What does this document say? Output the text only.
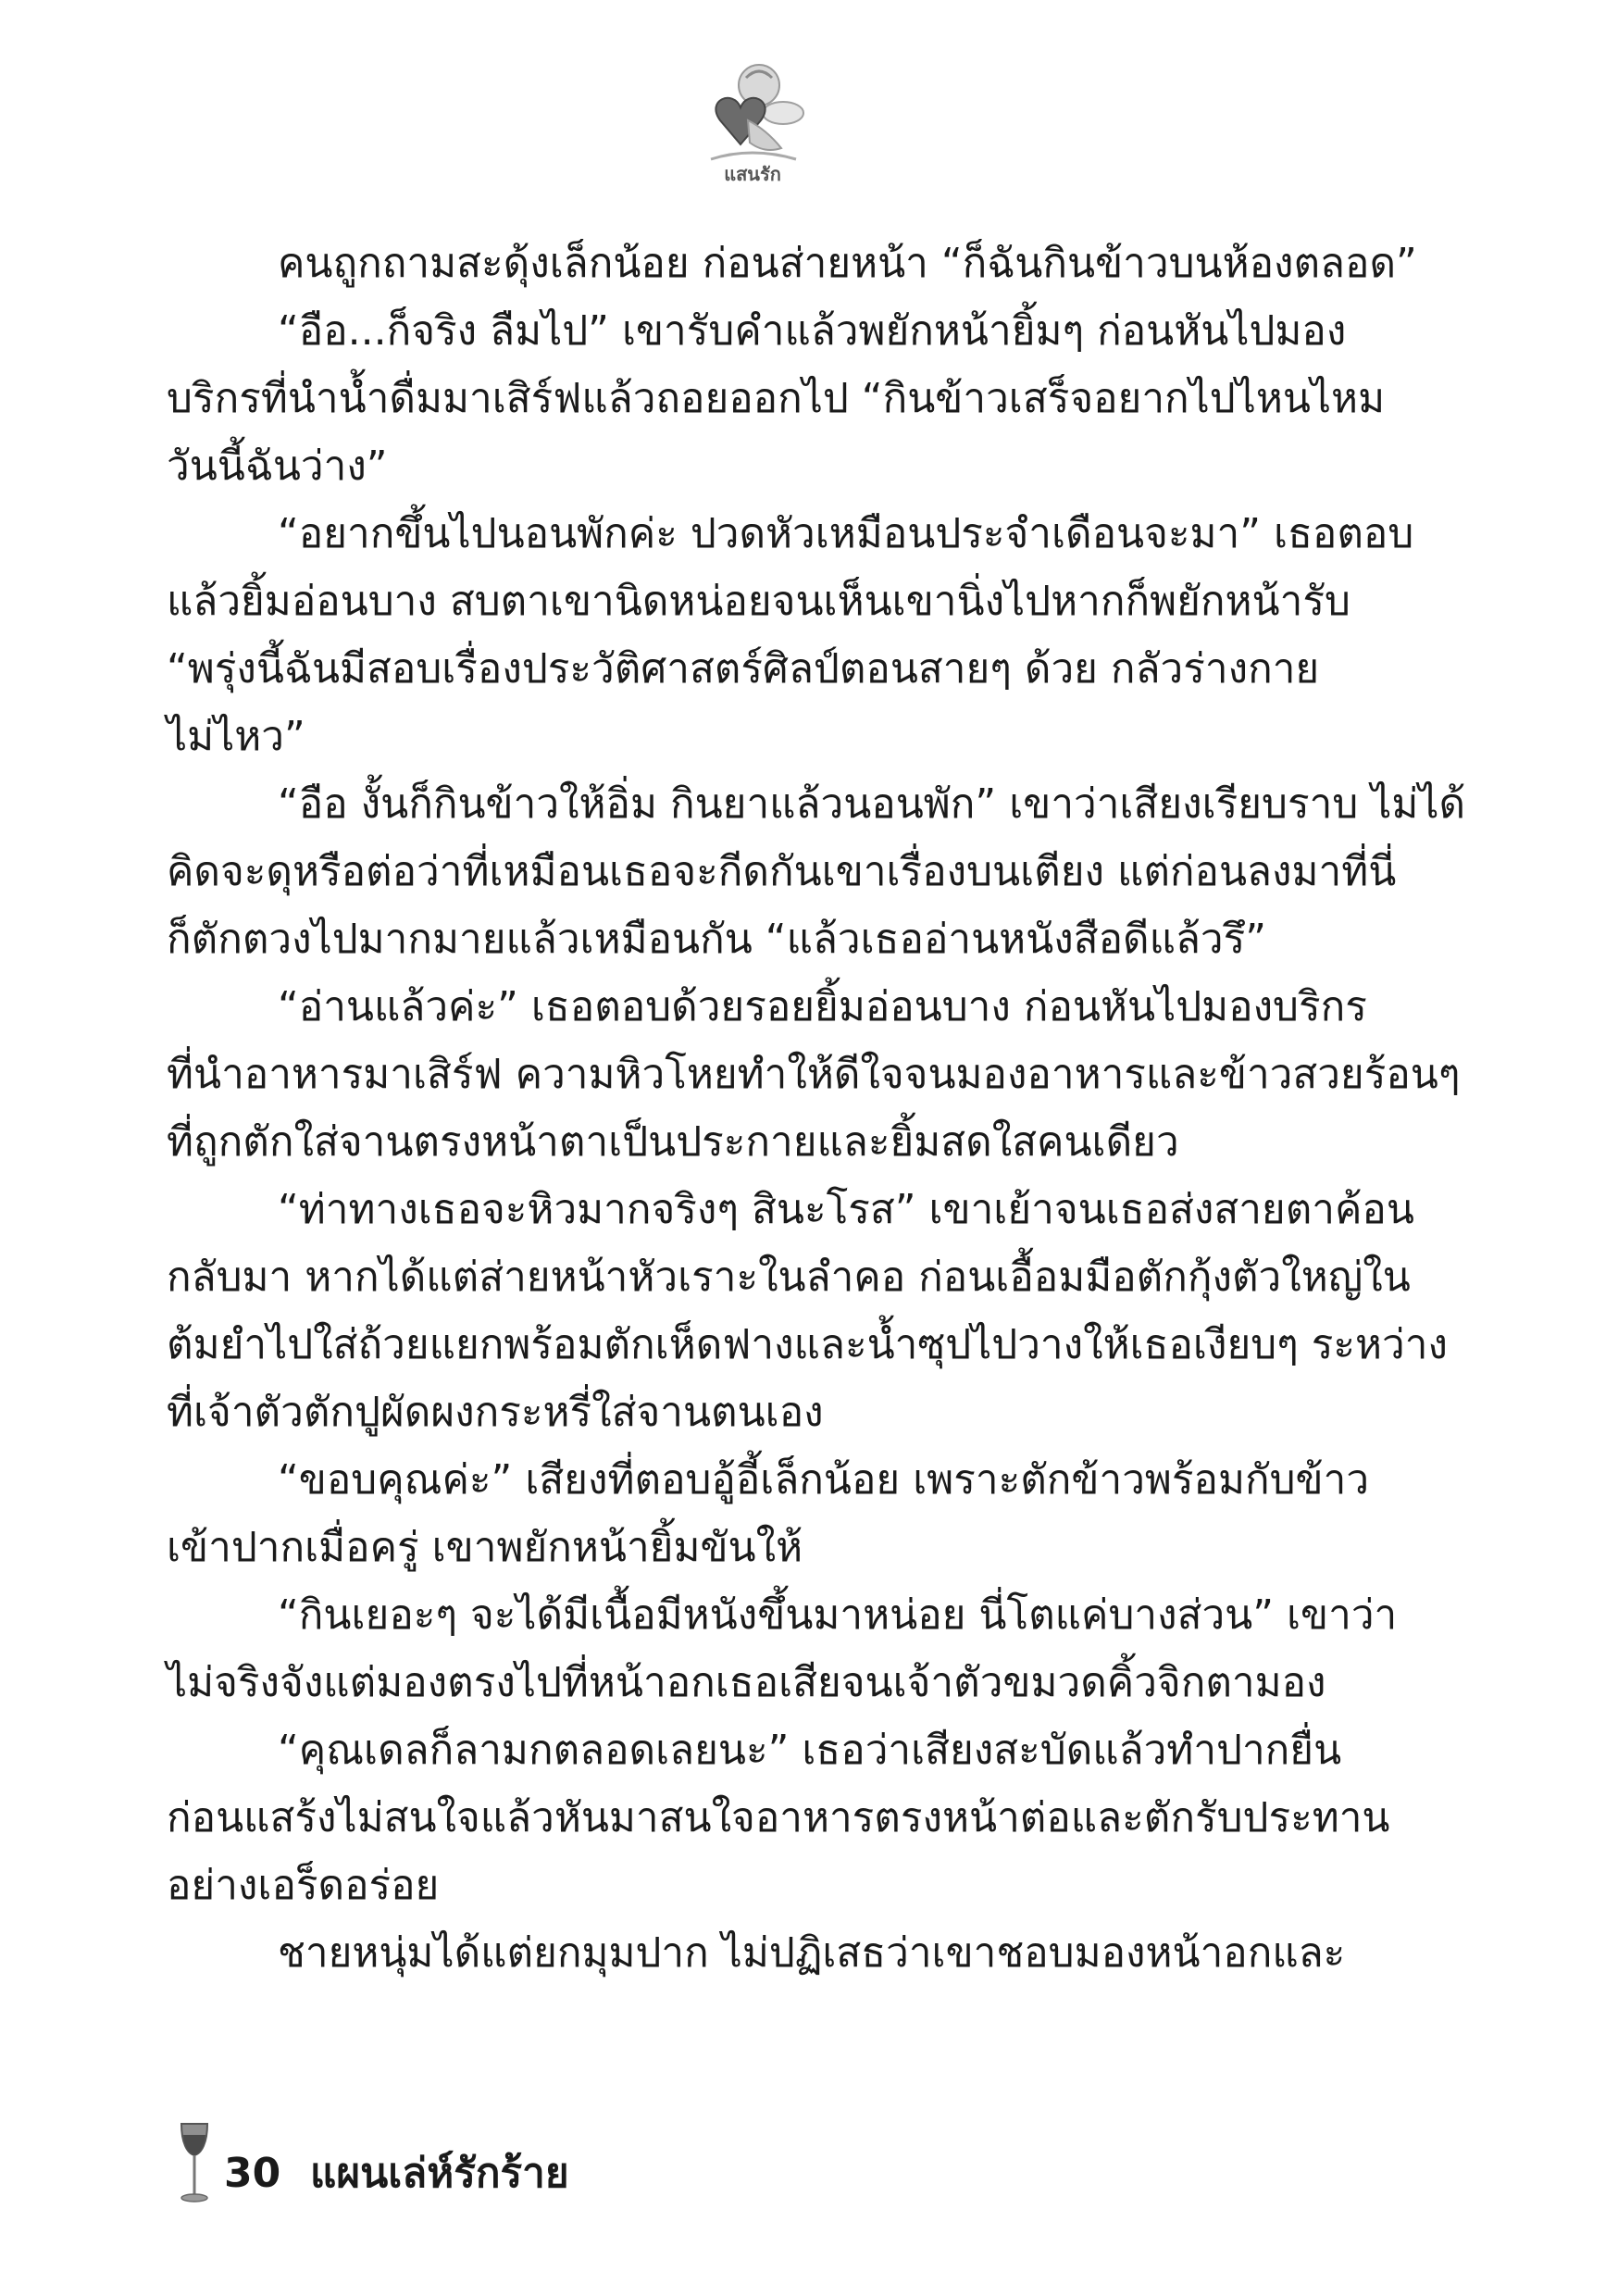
แสนรัก
คนถูกถามสะดุ้งเล็กน้อย ก่อนส่ายหน้า “ก็ฉันกินข้าวบนห้องตลอด”
“อือ...ก็จริง ลืมไป” เขารับคำแล้วพยักหน้ายิ้มๆ ก่อนหันไปมอง
บริกรที่นำน้ำดื่มมาเสิร์ฟแล้วถอยออกไป “กินข้าวเสร็จอยากไปไหนไหม
วันนี้ฉันว่าง”
“อยากขึ้นไปนอนพักค่ะ ปวดหัวเหมือนประจำเดือนจะมา” เธอตอบ
แล้วยิ้มอ่อนบาง สบตาเขานิดหน่อยจนเห็นเขานิ่งไปหากก็พยักหน้ารับ
“พรุ่งนี้ฉันมีสอบเรื่องประวัติศาสตร์ศิลป์ตอนสายๆ ด้วย กลัวร่างกาย
ไม่ไหว”
“อือ งั้นก็กินข้าวให้อิ่ม กินยาแล้วนอนพัก” เขาว่าเสียงเรียบราบ ไม่ได้
คิดจะดุหรือต่อว่าที่เหมือนเธอจะกีดกันเขาเรื่องบนเตียง แต่ก่อนลงมาที่นี่
ก็ตักตวงไปมากมายแล้วเหมือนกัน “แล้วเธออ่านหนังสือดีแล้วรึ”
“อ่านแล้วค่ะ” เธอตอบด้วยรอยยิ้มอ่อนบาง ก่อนหันไปมองบริกร
ที่นำอาหารมาเสิร์ฟ ความหิวโหยทำให้ดีใจจนมองอาหารและข้าวสวยร้อนๆ
ที่ถูกตักใส่จานตรงหน้าตาเป็นประกายและยิ้มสดใสคนเดียว
“ท่าทางเธอจะหิวมากจริงๆ สินะโรส” เขาเย้าจนเธอส่งสายตาค้อน
กลับมา หากได้แต่ส่ายหน้าหัวเราะในลำคอ ก่อนเอื้อมมือตักกุ้งตัวใหญ่ใน
ต้มยำไปใส่ถ้วยแยกพร้อมตักเห็ดฟางและน้ำซุปไปวางให้เธอเงียบๆ ระหว่าง
ที่เจ้าตัวตักปูผัดผงกระหรี่ใส่จานตนเอง
“ขอบคุณค่ะ” เสียงที่ตอบอู้อี้เล็กน้อย เพราะตักข้าวพร้อมกับข้าว
เข้าปากเมื่อครู่ เขาพยักหน้ายิ้มขันให้
“กินเยอะๆ จะได้มีเนื้อมีหนังขึ้นมาหน่อย นี่โตแค่บางส่วน” เขาว่า
ไม่จริงจังแต่มองตรงไปที่หน้าอกเธอเสียจนเจ้าตัวขมวดคิ้วจิกตามอง
“คุณเดลก็ลามกตลอดเลยนะ” เธอว่าเสียงสะบัดแล้วทำปากยื่น
ก่อนแสร้งไม่สนใจแล้วหันมาสนใจอาหารตรงหน้าต่อและตักรับประทาน
อย่างเอร็ดอร่อย
ชายหนุ่มได้แต่ยกมุมปาก ไม่ปฏิเสธว่าเขาชอบมองหน้าอกและ
30 แผนเล่ห์รักร้าย
